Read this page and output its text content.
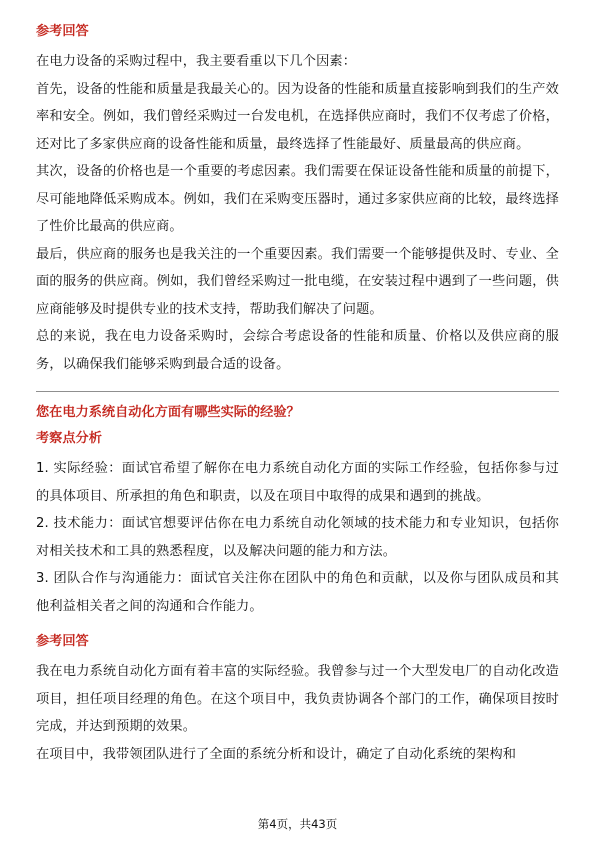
参考回答

在电力设备的采购过程中，我主要看重以下几个因素：

首先，设备的性能和质量是我最关心的。因为设备的性能和质量直接影响到我们的生产效率和安全。例如，我们曾经采购过一台发电机，在选择供应商时，我们不仅考虑了价格，还对比了多家供应商的设备性能和质量，最终选择了性能最好、质量最高的供应商。

其次，设备的价格也是一个重要的考虑因素。我们需要在保证设备性能和质量的前提下，尽可能地降低采购成本。例如，我们在采购变压器时，通过多家供应商的比较，最终选择了性价比最高的供应商。

最后，供应商的服务也是我关注的一个重要因素。我们需要一个能够提供及时、专业、全面的服务的供应商。例如，我们曾经采购过一批电缆，在安装过程中遇到了一些问题，供应商能够及时提供专业的技术支持，帮助我们解决了问题。

总的来说，我在电力设备采购时，会综合考虑设备的性能和质量、价格以及供应商的服务，以确保我们能够采购到最合适的设备。

您在电力系统自动化方面有哪些实际的经验？
考察点分析

1. 实际经验：面试官希望了解你在电力系统自动化方面的实际工作经验，包括你参与过的具体项目、所承担的角色和职责，以及在项目中取得的成果和遇到的挑战。

2. 技术能力：面试官想要评估你在电力系统自动化领域的技术能力和专业知识，包括你对相关技术和工具的熟悉程度，以及解决问题的能力和方法。

3. 团队合作与沟通能力：面试官关注你在团队中的角色和贡献，以及你与团队成员和其他利益相关者之间的沟通和合作能力。

参考回答

我在电力系统自动化方面有着丰富的实际经验。我曾参与过一个大型发电厂的自动化改造项目，担任项目经理的角色。在这个项目中，我负责协调各个部门的工作，确保项目按时完成，并达到预期的效果。

在项目中，我带领团队进行了全面的系统分析和设计，确定了自动化系统的架构和

第4页，共43页
